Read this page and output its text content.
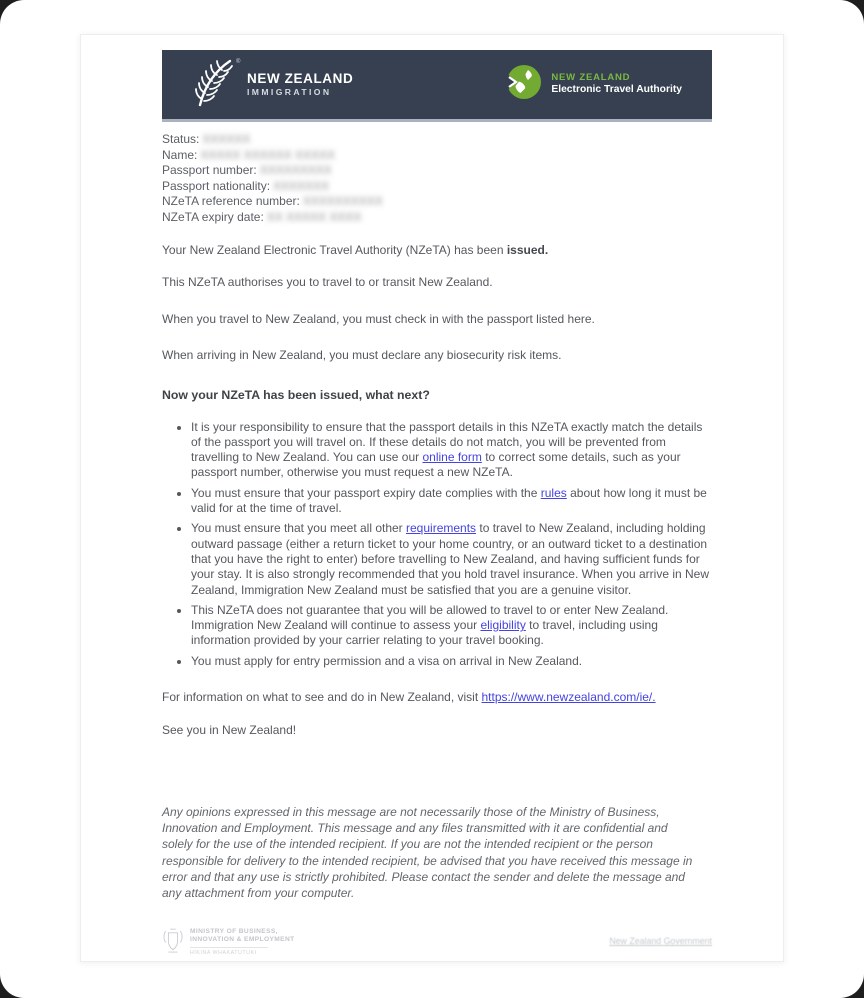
®
NEW ZEALAND
IMMIGRATION
NEW ZEALAND
Electronic Travel Authority
Status: XXXXXX
Name: XXXXX XXXXXX XXXXX
Passport number: XXXXXXXXX
Passport nationality: XXXXXXX
NZeTA reference number: XXXXXXXXXX
NZeTA expiry date: XX XXXXX XXXX

Your New Zealand Electronic Travel Authority (NZeTA) has been issued.

This NZeTA authorises you to travel to or transit New Zealand.

When you travel to New Zealand, you must check in with the passport listed here.

When arriving in New Zealand, you must declare any biosecurity risk items.

Now your NZeTA has been issued, what next?
• It is your responsibility to ensure that the passport details in this NZeTA exactly match the details of the passport you will travel on. If these details do not match, you will be prevented from travelling to New Zealand. You can use our online form to correct some details, such as your passport number, otherwise you must request a new NZeTA.
• You must ensure that your passport expiry date complies with the rules about how long it must be valid for at the time of travel.
• You must ensure that you meet all other requirements to travel to New Zealand, including holding outward passage (either a return ticket to your home country, or an outward ticket to a destination that you have the right to enter) before travelling to New Zealand, and having sufficient funds for your stay. It is also strongly recommended that you hold travel insurance. When you arrive in New Zealand, Immigration New Zealand must be satisfied that you are a genuine visitor.
• This NZeTA does not guarantee that you will be allowed to travel to or enter New Zealand. Immigration New Zealand will continue to assess your eligibility to travel, including using information provided by your carrier relating to your travel booking.
• You must apply for entry permission and a visa on arrival in New Zealand.

For information on what to see and do in New Zealand, visit https://www.newzealand.com/ie/.

See you in New Zealand!

Any opinions expressed in this message are not necessarily those of the Ministry of Business, Innovation and Employment. This message and any files transmitted with it are confidential and solely for the use of the intended recipient. If you are not the intended recipient or the person responsible for delivery to the intended recipient, be advised that you have received this message in error and that any use is strictly prohibited. Please contact the sender and delete the message and any attachment from your computer.
MINISTRY OF BUSINESS,
INNOVATION & EMPLOYMENT
HĪKINA WHAKATUTUKI
New Zealand Government
